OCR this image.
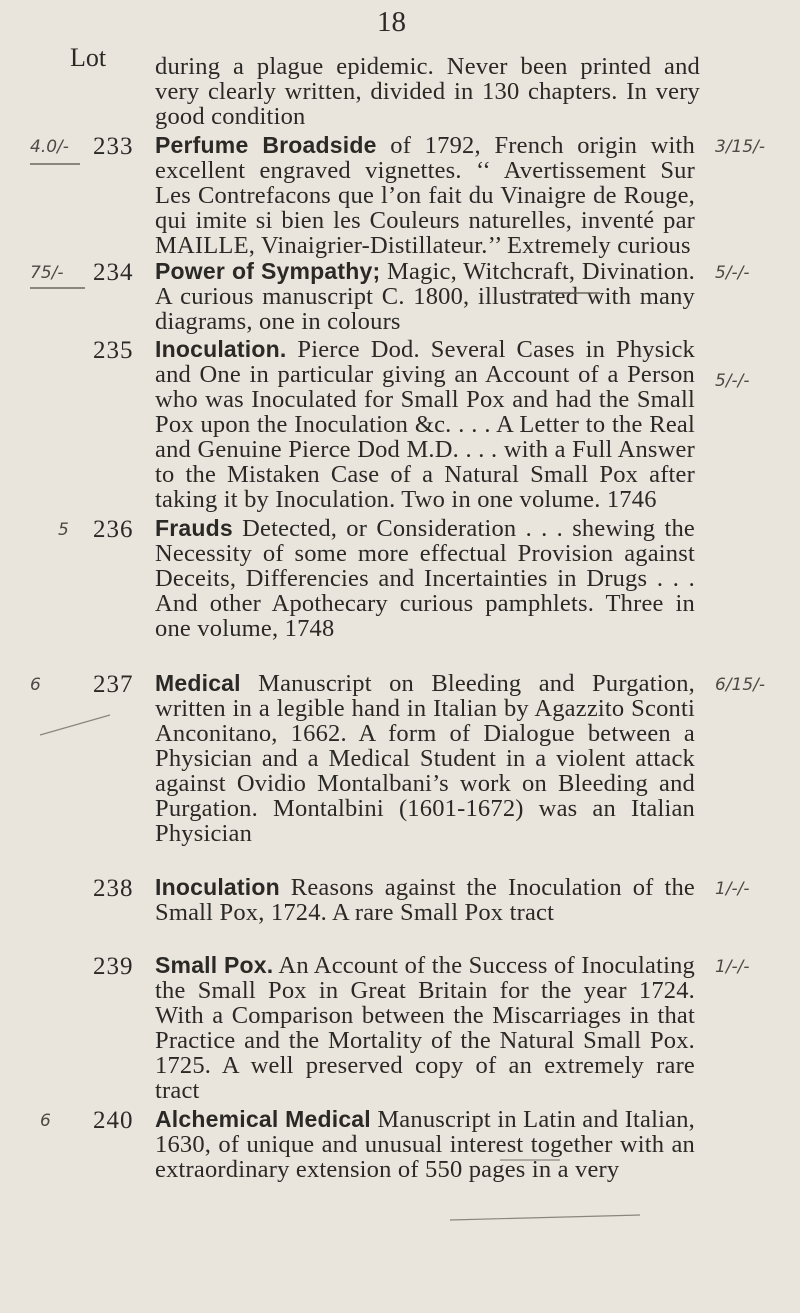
18
Lot during a plague epidemic. Never been printed and very clearly written, divided in 130 chapters. In very good condition
4.0/- 233 Perfume Broadside of 1792, French origin with excellent engraved vignettes. ‘‘ Avertissement Sur Les Contrefacons que l’on fait du Vinaigre de Rouge, qui imite si bien les Couleurs naturelles, inventé par MAILLE, Vinaigrier-Distillateur.’’ Extremely curious
3/15/-
75/- 234 Power of Sympathy; Magic, Witchcraft, Divination. A curious manuscript C. 1800, illustrated with many diagrams, one in colours
5/-/-
235 Inoculation. Pierce Dod. Several Cases in Physick and One in particular giving an Account of a Person who was Inoculated for Small Pox and had the Small Pox upon the Inoculation &c. . . . A Letter to the Real and Genuine Pierce Dod M.D. . . . with a Full Answer to the Mistaken Case of a Natural Small Pox after taking it by Inoculation. Two in one volume. 1746
5/-/-
5 236 Frauds Detected, or Consideration . . . shewing the Necessity of some more effectual Provision against Deceits, Differencies and Incertainties in Drugs . . . And other Apothecary curious pamphlets. Three in one volume, 1748
6 237 Medical Manuscript on Bleeding and Purgation, written in a legible hand in Italian by Agazzito Sconti Anconitano, 1662. A form of Dialogue between a Physician and a Medical Student in a violent attack against Ovidio Montalbani’s work on Bleeding and Purgation. Montalbini (1601-1672) was an Italian Physician
6/15/-
238 Inoculation Reasons against the Inoculation of the Small Pox, 1724. A rare Small Pox tract
1/-/-
239 Small Pox. An Account of the Success of Inoculating the Small Pox in Great Britain for the year 1724. With a Comparison between the Miscarriages in that Practice and the Mortality of the Natural Small Pox. 1725. A well preserved copy of an extremely rare tract
1/-/-
6 240 Alchemical Medical Manuscript in Latin and Italian, 1630, of unique and unusual interest together with an extraordinary extension of 550 pages in a very
